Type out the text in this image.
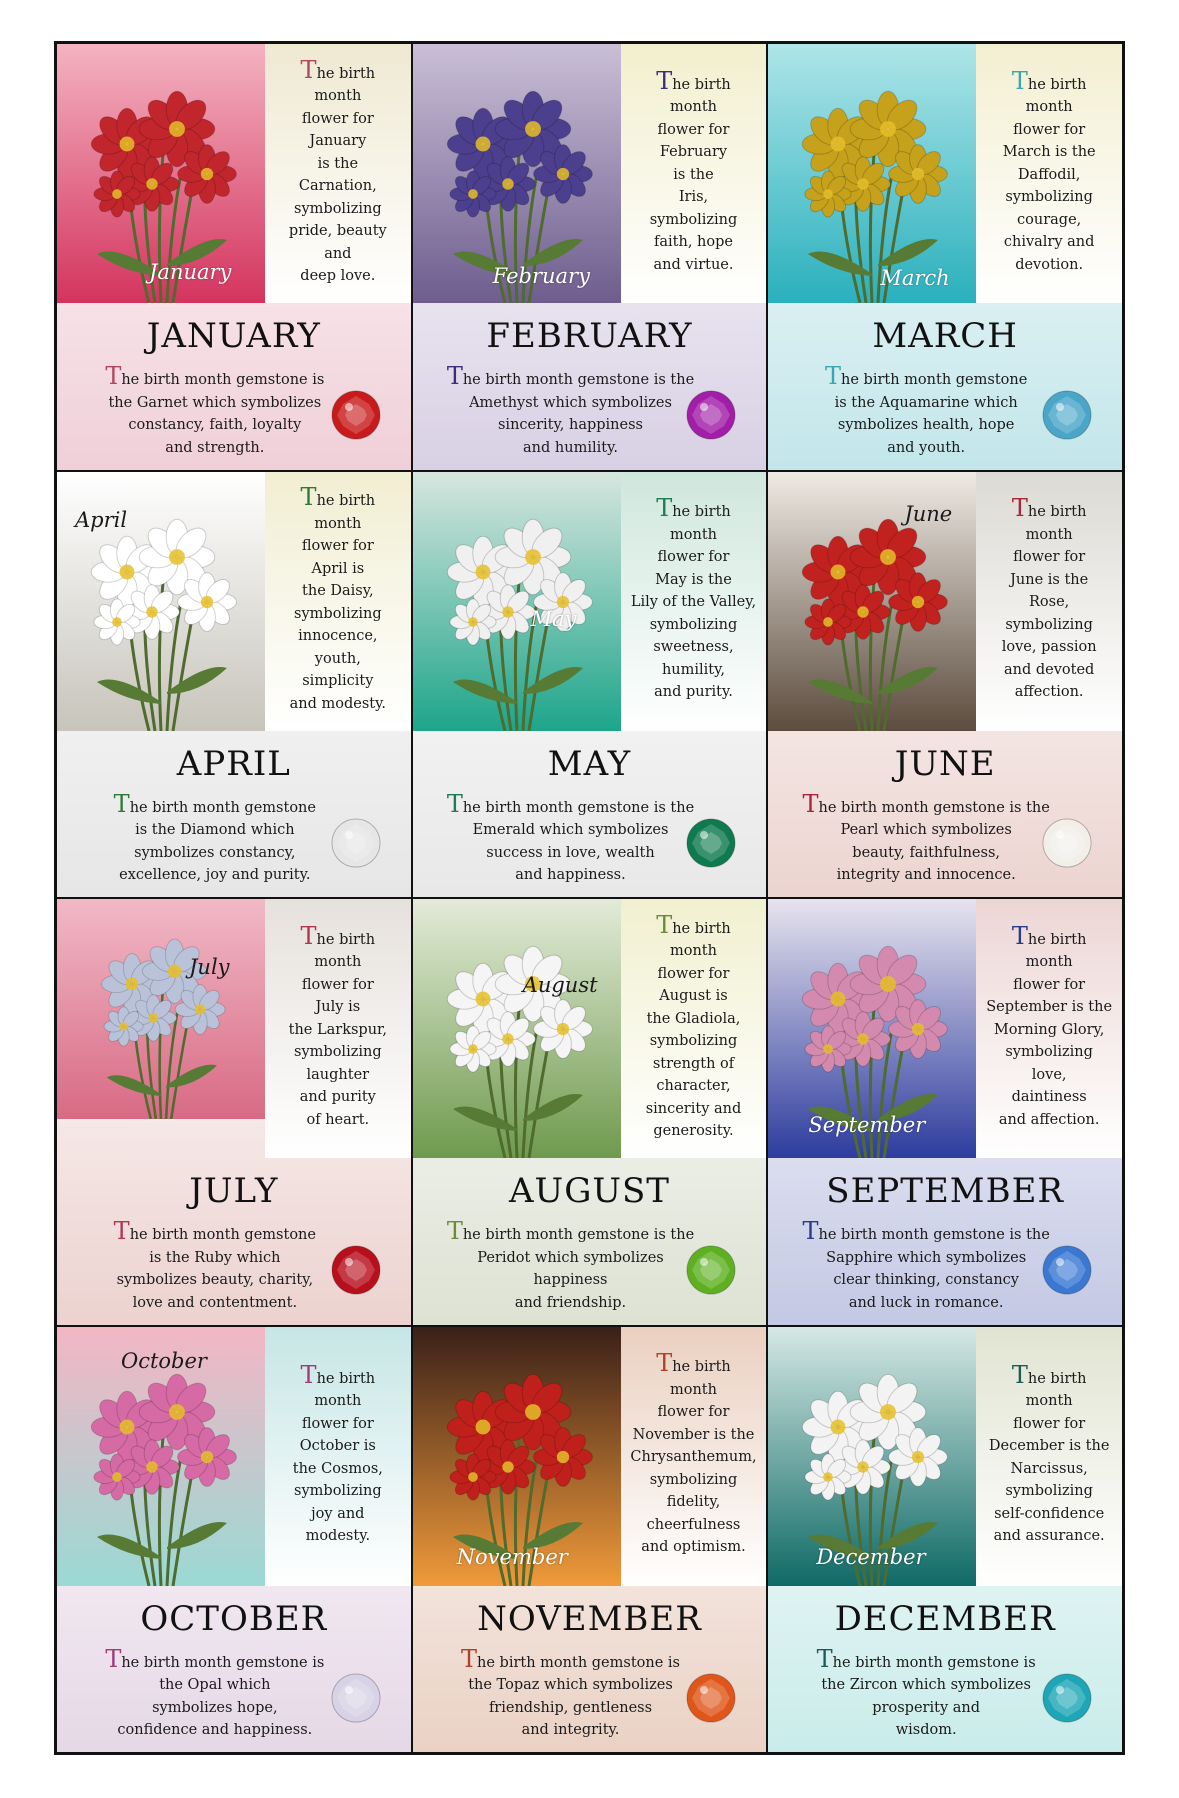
The birth
month
flower for
January
is the
Carnation,
symbolizing
pride, beauty
and
deep love.
January
JANUARY
The birth month gemstone is
the Garnet which symbolizes
constancy, faith, loyalty
and strength.
The birth
month
flower for
February
is the
Iris,
symbolizing
faith, hope
and virtue.
February
FEBRUARY
The birth month gemstone is the
Amethyst which symbolizes
sincerity, happiness
and humility.
The birth
month
flower for
March is the
Daffodil,
symbolizing
courage,
chivalry and
devotion.
March
MARCH
The birth month gemstone
is the Aquamarine which
symbolizes health, hope
and youth.
The birth
month
flower for
April is
the Daisy,
symbolizing
innocence,
youth,
simplicity
and modesty.
April
APRIL
The birth month gemstone
is the Diamond which
symbolizes constancy,
excellence, joy and purity.
The birth
month
flower for
May is the
Lily of the Valley,
symbolizing
sweetness,
humility,
and purity.
May
MAY
The birth month gemstone is the
Emerald which symbolizes
success in love, wealth
and happiness.
The birth
month
flower for
June is the
Rose,
symbolizing
love, passion
and devoted
affection.
June
JUNE
The birth month gemstone is the
Pearl which symbolizes
beauty, faithfulness,
integrity and innocence.
The birth
month
flower for
July is
the Larkspur,
symbolizing
laughter
and purity
of heart.
July
JULY
The birth month gemstone
is the Ruby which
symbolizes beauty, charity,
love and contentment.
The birth
month
flower for
August is
the Gladiola,
symbolizing
strength of
character,
sincerity and
generosity.
August
AUGUST
The birth month gemstone is the
Peridot which symbolizes
happiness
and friendship.
The birth
month
flower for
September is the
Morning Glory,
symbolizing
love,
daintiness
and affection.
September
SEPTEMBER
The birth month gemstone is the
Sapphire which symbolizes
clear thinking, constancy
and luck in romance.
The birth
month
flower for
October is
the Cosmos,
symbolizing
joy and
modesty.
October
OCTOBER
The birth month gemstone is
the Opal which
symbolizes hope,
confidence and happiness.
The birth
month
flower for
November is the
Chrysanthemum,
symbolizing
fidelity,
cheerfulness
and optimism.
November
NOVEMBER
The birth month gemstone is
the Topaz which symbolizes
friendship, gentleness
and integrity.
The birth
month
flower for
December is the
Narcissus,
symbolizing
self-confidence
and assurance.
December
DECEMBER
The birth month gemstone is
the Zircon which symbolizes
prosperity and
wisdom.
